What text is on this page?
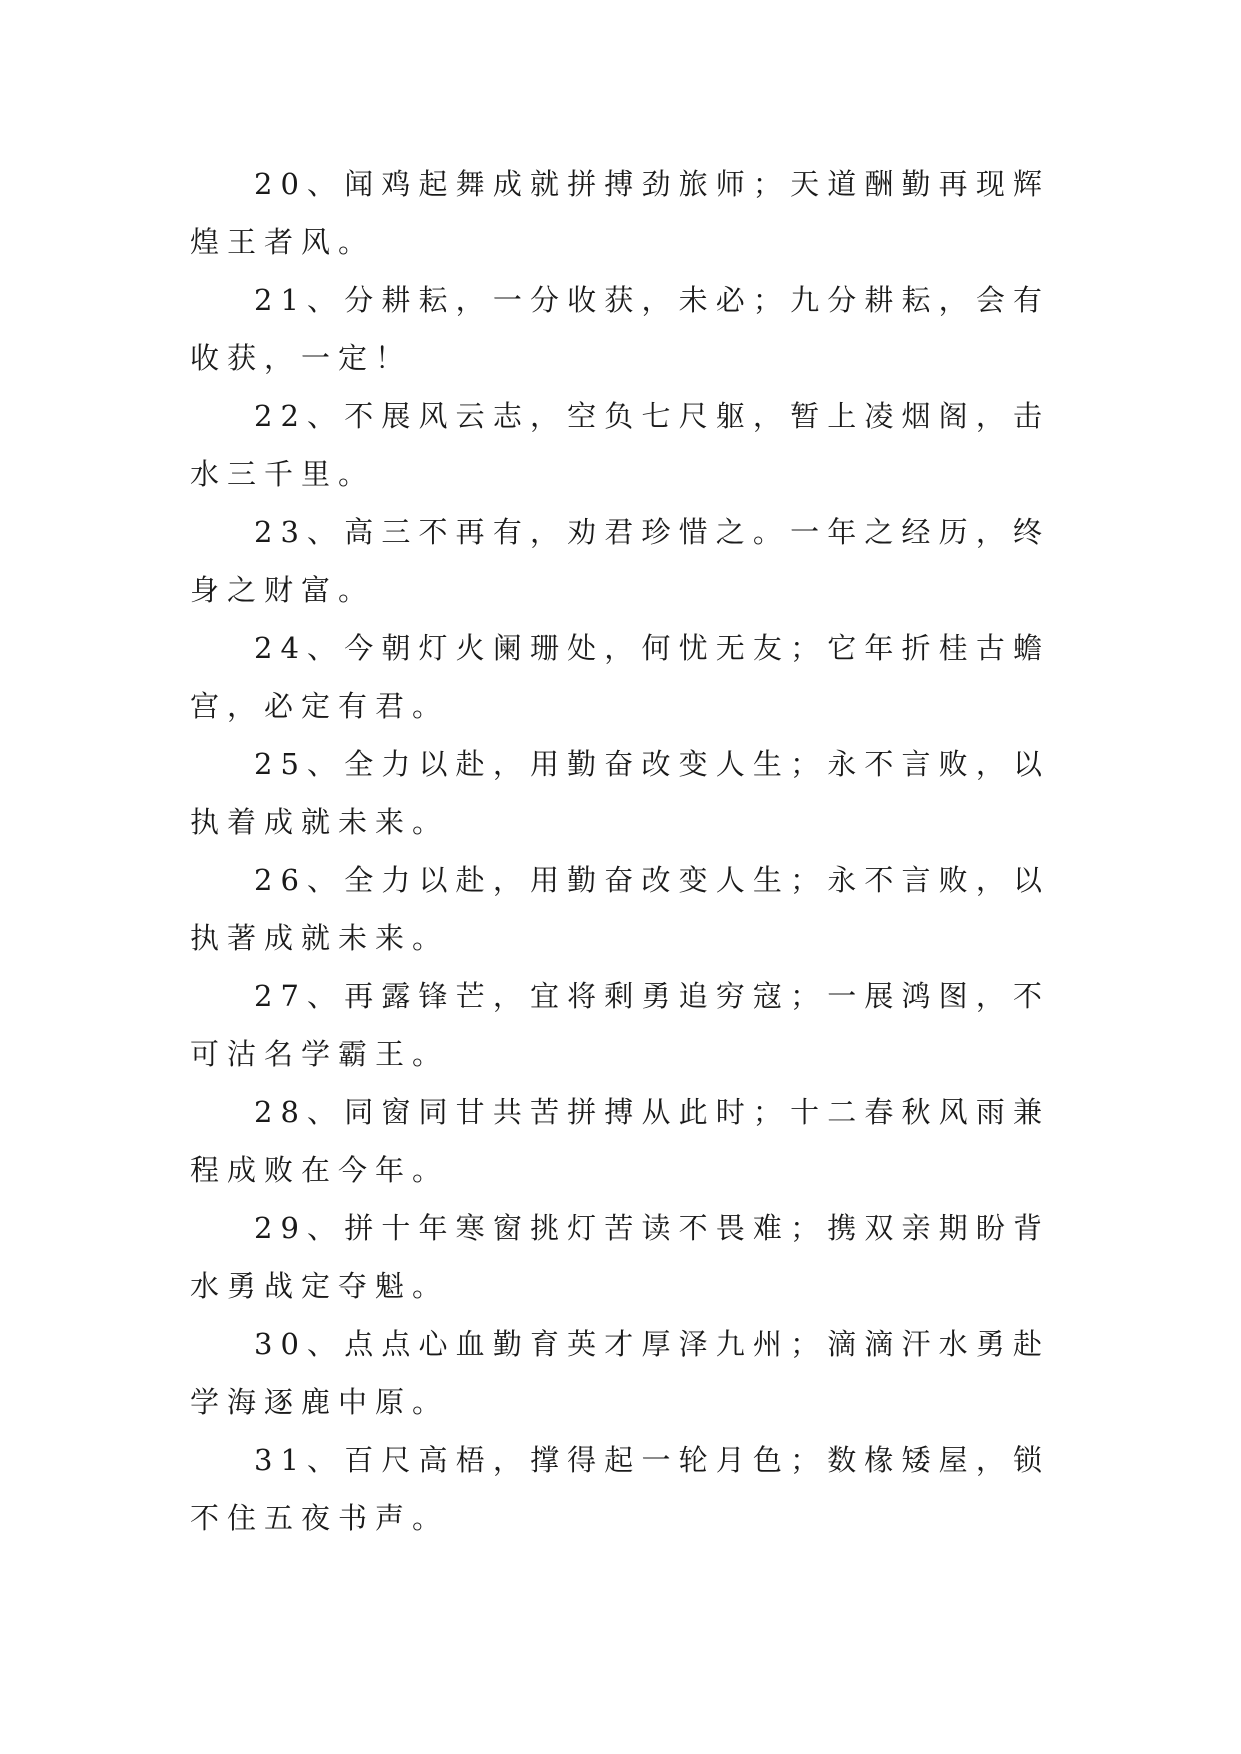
20、闻鸡起舞成就拼搏劲旅师；天道酬勤再现辉煌王者风。

21、分耕耘，一分收获，未必；九分耕耘，会有收获，一定！

22、不展风云志，空负七尺躯，暂上凌烟阁，击水三千里。

23、高三不再有，劝君珍惜之。一年之经历，终身之财富。

24、今朝灯火阑珊处，何忧无友；它年折桂古蟾宫，必定有君。

25、全力以赴，用勤奋改变人生；永不言败，以执着成就未来。

26、全力以赴，用勤奋改变人生；永不言败，以执著成就未来。

27、再露锋芒，宜将剩勇追穷寇；一展鸿图，不可沽名学霸王。

28、同窗同甘共苦拼搏从此时；十二春秋风雨兼程成败在今年。

29、拼十年寒窗挑灯苦读不畏难；携双亲期盼背水勇战定夺魁。

30、点点心血勤育英才厚泽九州；滴滴汗水勇赴学海逐鹿中原。

31、百尺高梧，撑得起一轮月色；数椽矮屋，锁不住五夜书声。
